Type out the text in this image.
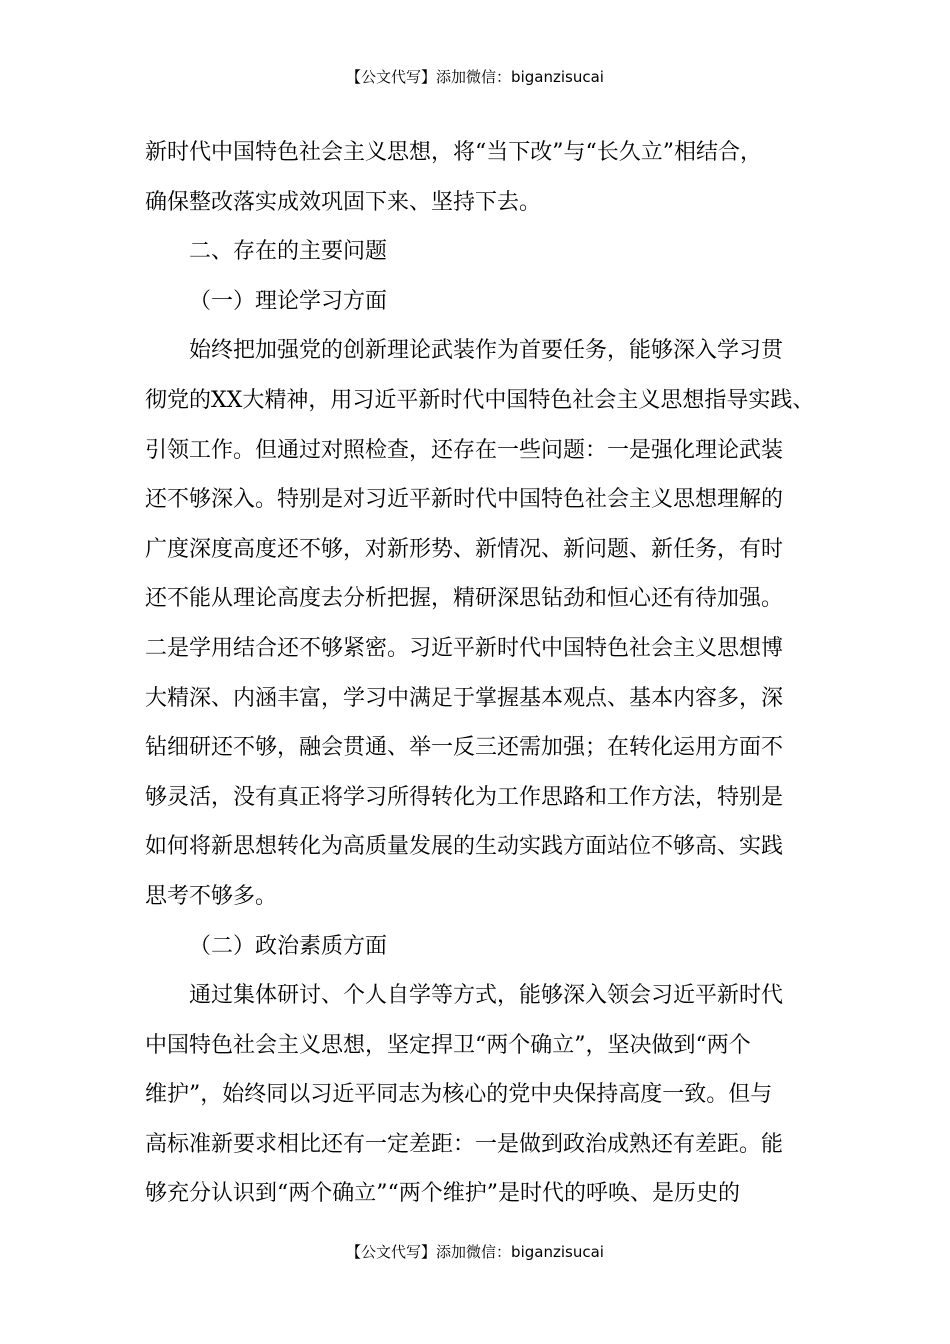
【公文代写】添加微信：biganzisucai
新时代中国特色社会主义思想，将“当下改”与“长久立”相结合，
确保整改落实成效巩固下来、坚持下去。
二、存在的主要问题
（一）理论学习方面
始终把加强党的创新理论武装作为首要任务，能够深入学习贯
彻党的XX大精神，用习近平新时代中国特色社会主义思想指导实践、
引领工作。但通过对照检查，还存在一些问题：一是强化理论武装
还不够深入。特别是对习近平新时代中国特色社会主义思想理解的
广度深度高度还不够，对新形势、新情况、新问题、新任务，有时
还不能从理论高度去分析把握，精研深思钻劲和恒心还有待加强。
二是学用结合还不够紧密。习近平新时代中国特色社会主义思想博
大精深、内涵丰富，学习中满足于掌握基本观点、基本内容多，深
钻细研还不够，融会贯通、举一反三还需加强；在转化运用方面不
够灵活，没有真正将学习所得转化为工作思路和工作方法，特别是
如何将新思想转化为高质量发展的生动实践方面站位不够高、实践
思考不够多。
（二）政治素质方面
通过集体研讨、个人自学等方式，能够深入领会习近平新时代
中国特色社会主义思想，坚定捍卫“两个确立”，坚决做到“两个
维护”，始终同以习近平同志为核心的党中央保持高度一致。但与
高标准新要求相比还有一定差距：一是做到政治成熟还有差距。能
够充分认识到“两个确立”“两个维护”是时代的呼唤、是历史的
【公文代写】添加微信：biganzisucai
